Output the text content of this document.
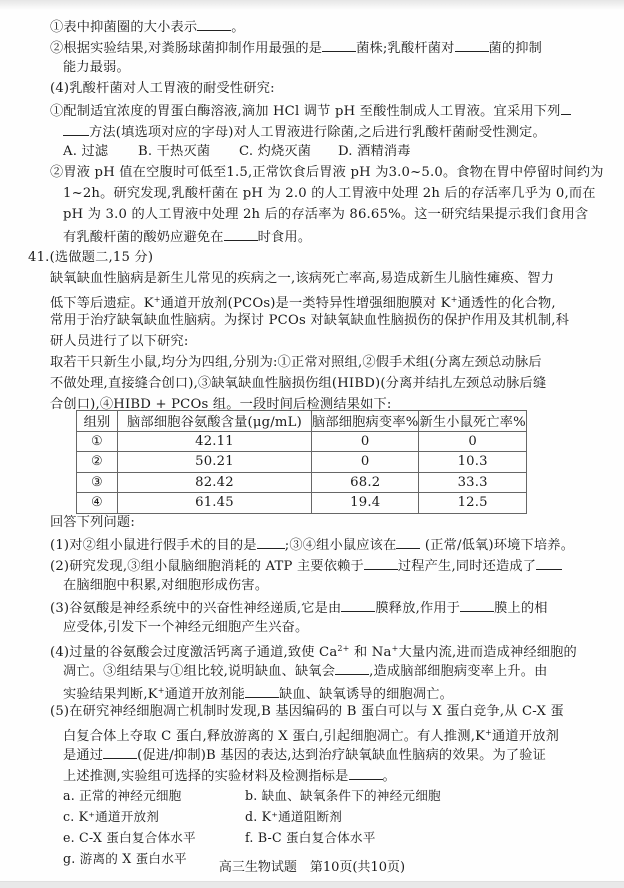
①表中抑菌圈的大小表示	。
②根据实验结果,对粪肠球菌抑制作用最强的是	菌株;乳酸杆菌对	菌的抑制
能力最弱。
(4)乳酸杆菌对人工胃液的耐受性研究:
①配制适宜浓度的胃蛋白酶溶液,滴加 HCl 调节 pH 至酸性制成人工胃液。宜采用下列
方法(填选项对应的字母)对人工胃液进行除菌,之后进行乳酸杆菌耐受性测定。
A. 过滤 B. 干热灭菌 C. 灼烧灭菌 D. 酒精消毒
②胃液 pH 值在空腹时可低至1.5,正常饮食后胃液 pH 为3.0~5.0。食物在胃中停留时间约为
1~2h。研究发现,乳酸杆菌在 pH 为 2.0 的人工胃液中处理 2h 后的存活率几乎为 0,而在
pH 为 3.0 的人工胃液中处理 2h 后的存活率为 86.65%。这一研究结果提示我们食用含
有乳酸杆菌的酸奶应避免在	时食用。
41.(选做题二,15 分)
缺氧缺血性脑病是新生儿常见的疾病之一,该病死亡率高,易造成新生儿脑性瘫痪、智力
低下等后遗症。K+通道开放剂(PCOs)是一类特异性增强细胞膜对 K+通透性的化合物,
常用于治疗缺氧缺血性脑病。为探讨 PCOs 对缺氧缺血性脑损伤的保护作用及其机制,科
研人员进行了以下研究:
取若干只新生小鼠,均分为四组,分别为:①正常对照组,②假手术组(分离左颈总动脉后
不做处理,直接缝合创口),③缺氧缺血性脑损伤组(HIBD)(分离并结扎左颈总动脉后缝
合创口),④HIBD + PCOs 组。一段时间后检测结果如下:
组别	脑部细胞谷氨酸含量(μg/mL)	脑部细胞病变率%	新生小鼠死亡率%
①	42.11	0	0
②	50.21	0	10.3
③	82.42	68.2	33.3
④	61.45	19.4	12.5
回答下列问题:
(1)对②组小鼠进行假手术的目的是 ;③④组小鼠应该在 (正常/低氧)环境下培养。
(2)研究发现,③组小鼠脑细胞消耗的 ATP 主要依赖于	过程产生,同时还造成了
在脑细胞中积累,对细胞形成伤害。
(3)谷氨酸是神经系统中的兴奋性神经递质,它是由	膜释放,作用于	膜上的相
应受体,引发下一个神经元细胞产生兴奋。
(4)过量的谷氨酸会过度激活钙离子通道,致使 $Ca^{2+}$ 和 Na+大量内流,进而造成神经细胞的
凋亡。③组结果与①组比较,说明缺血、缺氧会	,造成脑部细胞病变率上升。由
实验结果判断,K+通道开放剂能	缺血、缺氧诱导的细胞凋亡。
(5)在研究神经细胞凋亡机制时发现,B 基因编码的 B 蛋白可以与 X 蛋白竞争,从 C-X 蛋
白复合体上夺取 C 蛋白,释放游离的 X 蛋白,引起细胞凋亡。有人推测,K+通道开放剂
是通过	(促进/抑制)B 基因的表达,达到治疗缺氧缺血性脑病的效果。为了验证
上述推测,实验组可选择的实验材料及检测指标是	。
a. 正常的神经元细胞	b. 缺血、缺氧条件下的神经元细胞
c. K⁺通道开放剂	d. K⁺通道阻断剂
e. C-X 蛋白复合体水平	f. B-C 蛋白复合体水平
g. 游离的 X 蛋白水平
高三生物试题　第10页(共10页)
